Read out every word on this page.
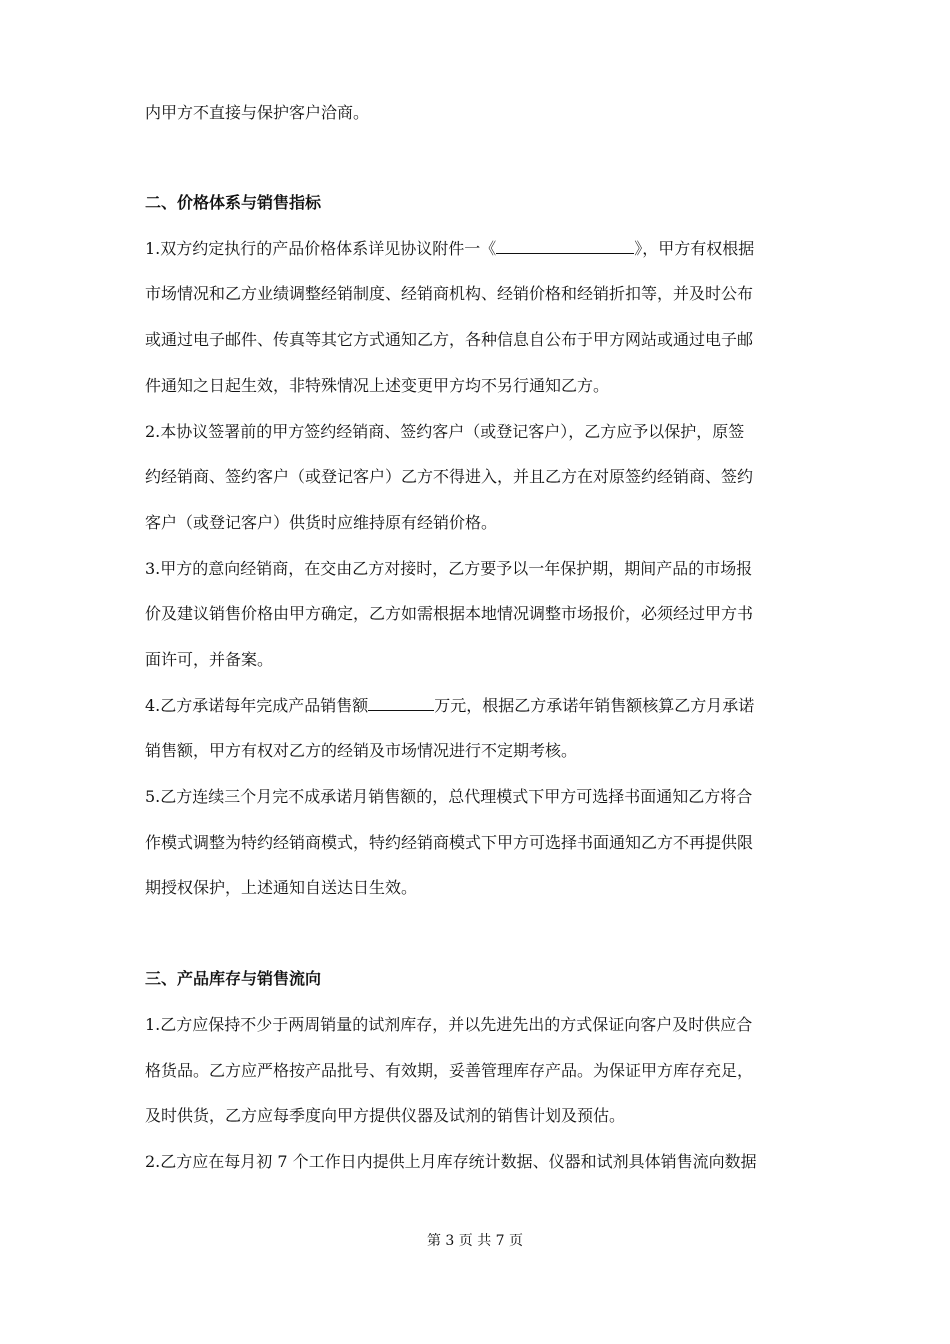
内甲方不直接与保护客户洽商。
二、价格体系与销售指标
1.双方约定执行的产品价格体系详见协议附件一《	》，甲方有权根据
市场情况和乙方业绩调整经销制度、经销商机构、经销价格和经销折扣等，并及时公布
或通过电子邮件、传真等其它方式通知乙方，各种信息自公布于甲方网站或通过电子邮
件通知之日起生效，非特殊情况上述变更甲方均不另行通知乙方。
2.本协议签署前的甲方签约经销商、签约客户（或登记客户），乙方应予以保护，原签
约经销商、签约客户（或登记客户）乙方不得进入，并且乙方在对原签约经销商、签约
客户（或登记客户）供货时应维持原有经销价格。
3.甲方的意向经销商，在交由乙方对接时，乙方要予以一年保护期，期间产品的市场报
价及建议销售价格由甲方确定，乙方如需根据本地情况调整市场报价，必须经过甲方书
面许可，并备案。
4.乙方承诺每年完成产品销售额	万元，根据乙方承诺年销售额核算乙方月承诺
销售额，甲方有权对乙方的经销及市场情况进行不定期考核。
5.乙方连续三个月完不成承诺月销售额的，总代理模式下甲方可选择书面通知乙方将合
作模式调整为特约经销商模式，特约经销商模式下甲方可选择书面通知乙方不再提供限
期授权保护，上述通知自送达日生效。
三、产品库存与销售流向
1.乙方应保持不少于两周销量的试剂库存，并以先进先出的方式保证向客户及时供应合
格货品。乙方应严格按产品批号、有效期，妥善管理库存产品。为保证甲方库存充足，
及时供货，乙方应每季度向甲方提供仪器及试剂的销售计划及预估。
2.乙方应在每月初 7 个工作日内提供上月库存统计数据、仪器和试剂具体销售流向数据
第 3 页 共 7 页
